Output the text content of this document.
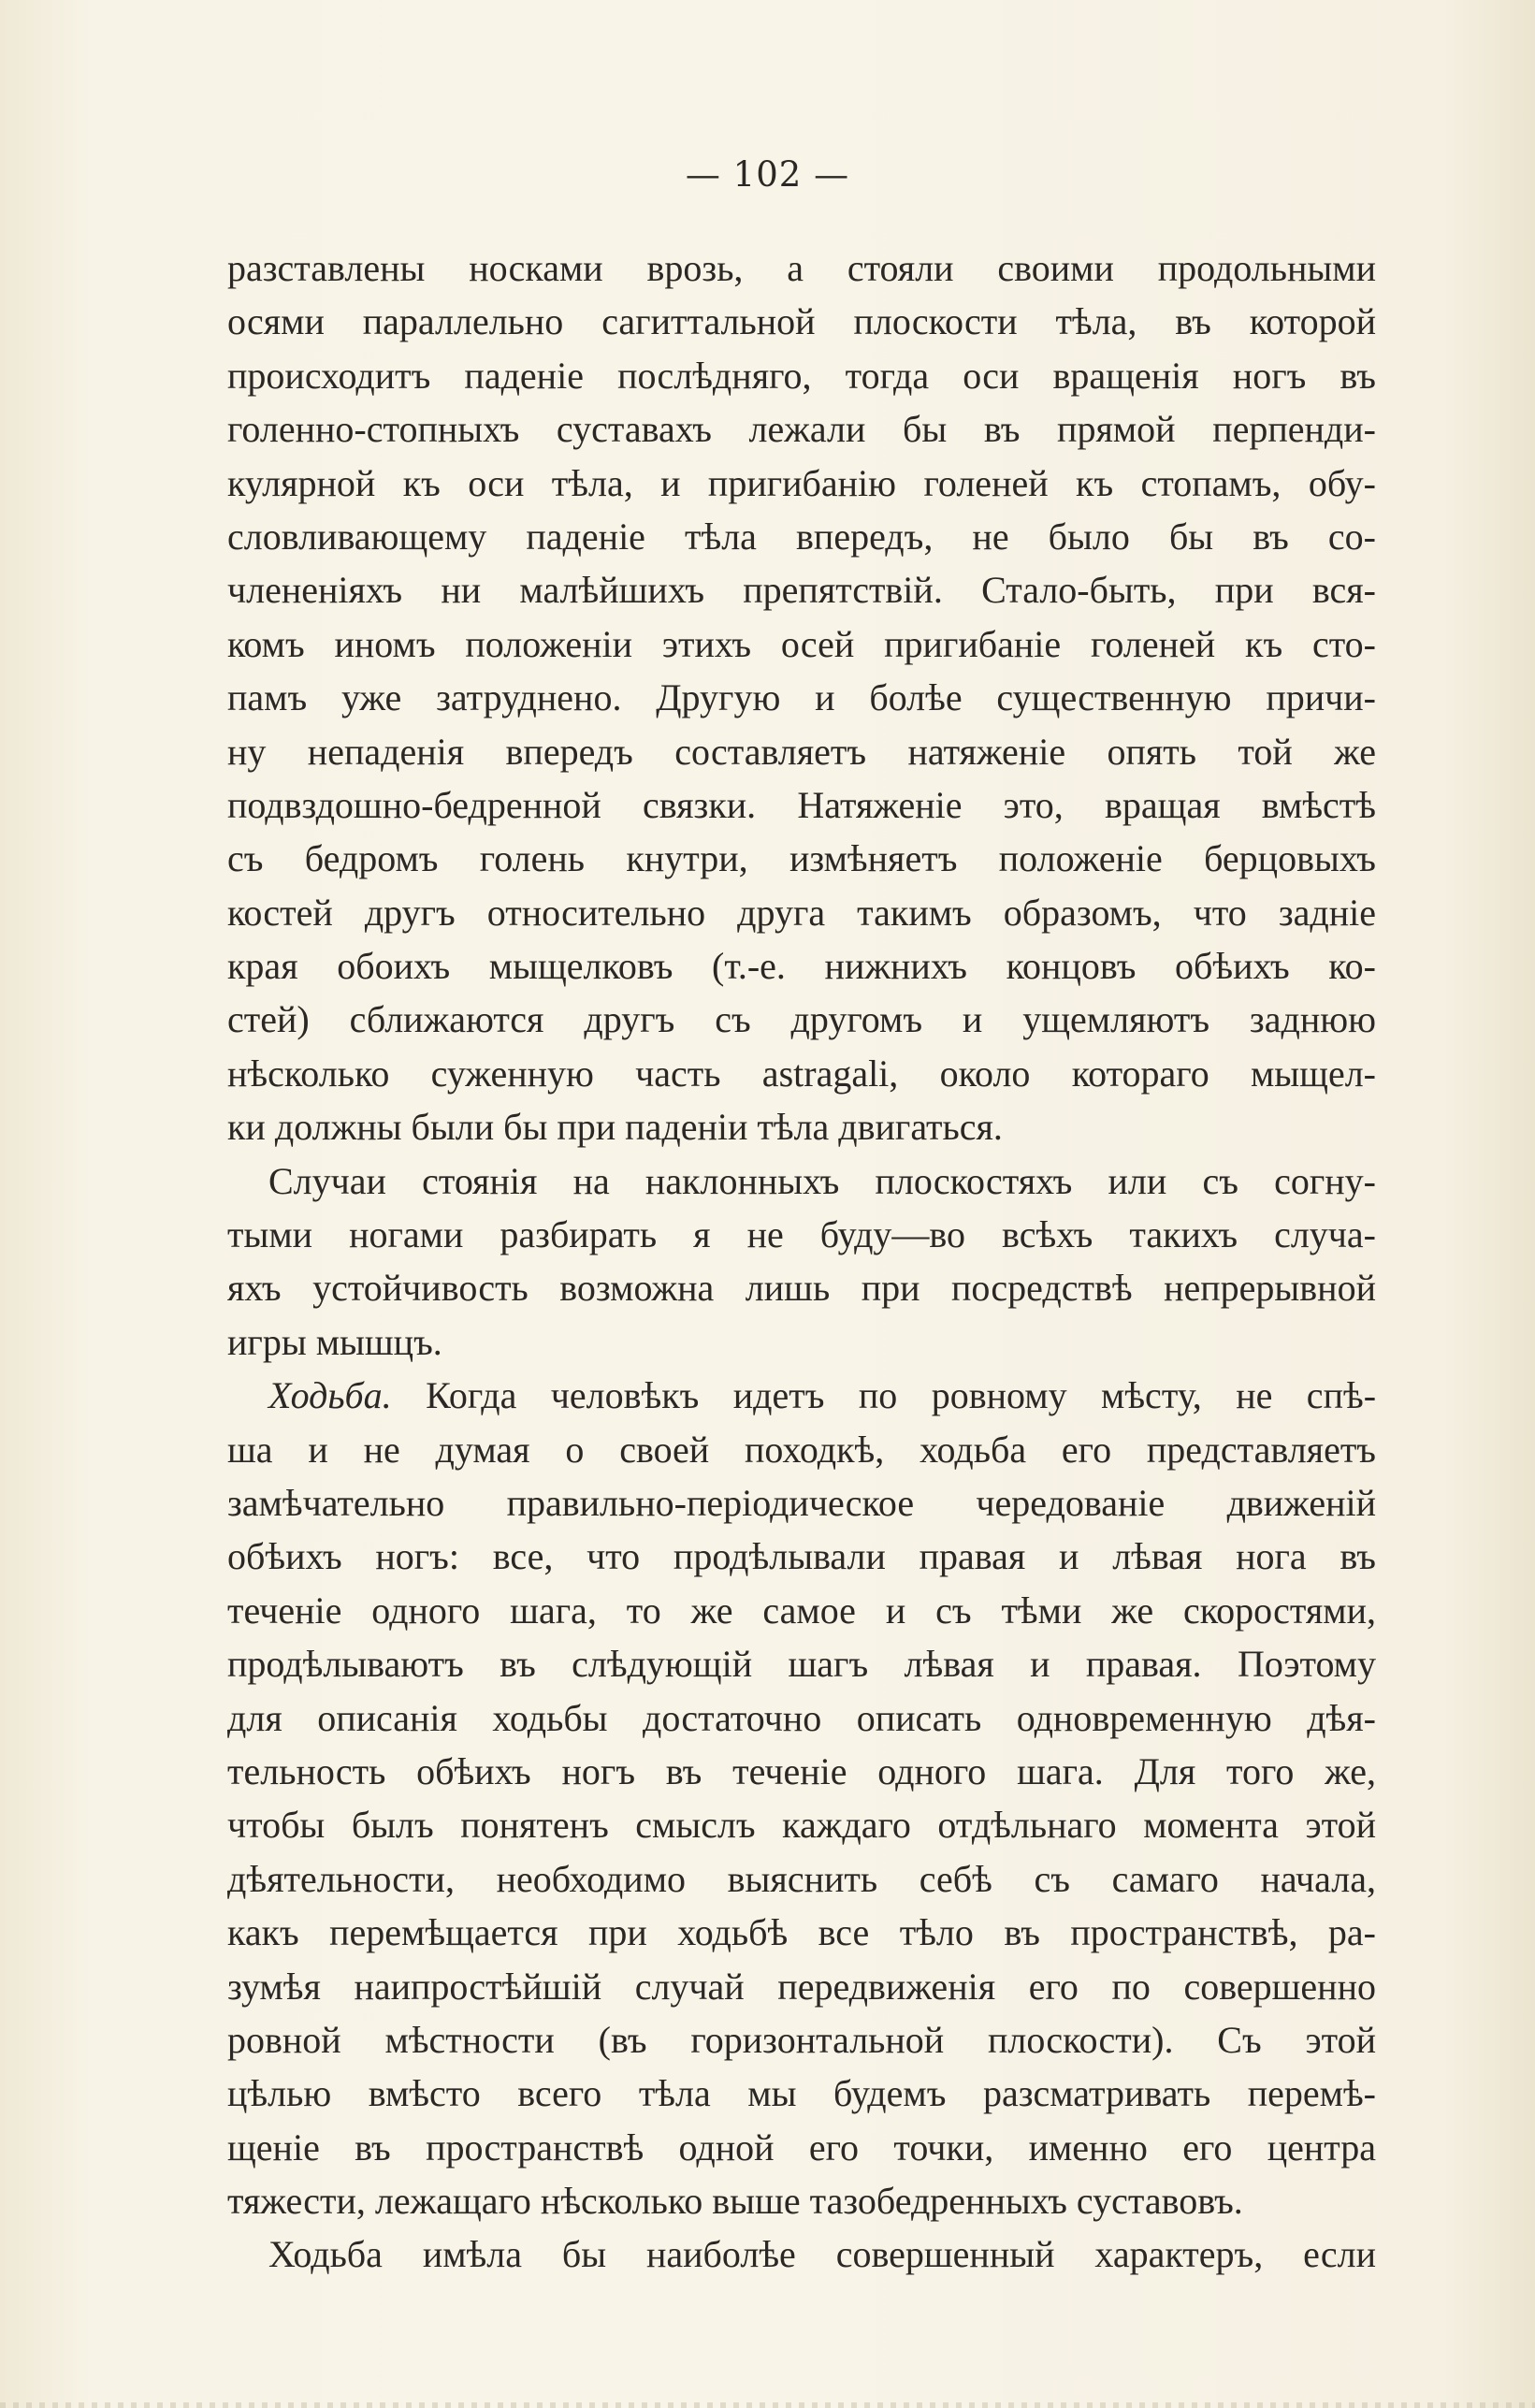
— 102 —
разставлены носками врозь, а стояли своими продольными
осями параллельно сагиттальной плоскости тѣла, въ которой
происходитъ паденіе послѣдняго, тогда оси вращенія ногъ въ
голенно-стопныхъ суставахъ лежали бы въ прямой перпенди-
кулярной къ оси тѣла, и пригибанію голеней къ стопамъ, обу-
словливающему паденіе тѣла впередъ, не было бы въ со-
члененіяхъ ни малѣйшихъ препятствій. Стало-быть, при вся-
комъ иномъ положеніи этихъ осей пригибаніе голеней къ сто-
памъ уже затруднено. Другую и болѣе существенную причи-
ну непаденія впередъ составляетъ натяженіе опять той же
подвздошно-бедренной связки. Натяженіе это, вращая вмѣстѣ
съ бедромъ голень кнутри, измѣняетъ положеніе берцовыхъ
костей другъ относительно друга такимъ образомъ, что задніе
края обоихъ мыщелковъ (т.-е. нижнихъ концовъ обѣихъ ко-
стей) сближаются другъ съ другомъ и ущемляютъ заднюю
нѣсколько суженную часть astragali, около котораго мыщел-
ки должны были бы при паденіи тѣла двигаться.
Случаи стоянія на наклонныхъ плоскостяхъ или съ согну-
тыми ногами разбирать я не буду—во всѣхъ такихъ случа-
яхъ устойчивость возможна лишь при посредствѣ непрерывной
игры мышцъ.
Ходьба. Когда человѣкъ идетъ по ровному мѣсту, не спѣ-
ша и не думая о своей походкѣ, ходьба его представляетъ
замѣчательно правильно-періодическое чередованіе движеній
обѣихъ ногъ: все, что продѣлывали правая и лѣвая нога въ
теченіе одного шага, то же самое и съ тѣми же скоростями,
продѣлываютъ въ слѣдующій шагъ лѣвая и правая. Поэтому
для описанія ходьбы достаточно описать одновременную дѣя-
тельность обѣихъ ногъ въ теченіе одного шага. Для того же,
чтобы былъ понятенъ смыслъ каждаго отдѣльнаго момента этой
дѣятельности, необходимо выяснить себѣ съ самаго начала,
какъ перемѣщается при ходьбѣ все тѣло въ пространствѣ, ра-
зумѣя наипростѣйшій случай передвиженія его по совершенно
ровной мѣстности (въ горизонтальной плоскости). Съ этой
цѣлью вмѣсто всего тѣла мы будемъ разсматривать перемѣ-
щеніе въ пространствѣ одной его точки, именно его центра
тяжести, лежащаго нѣсколько выше тазобедренныхъ суставовъ.
Ходьба имѣла бы наиболѣе совершенный характеръ, если
